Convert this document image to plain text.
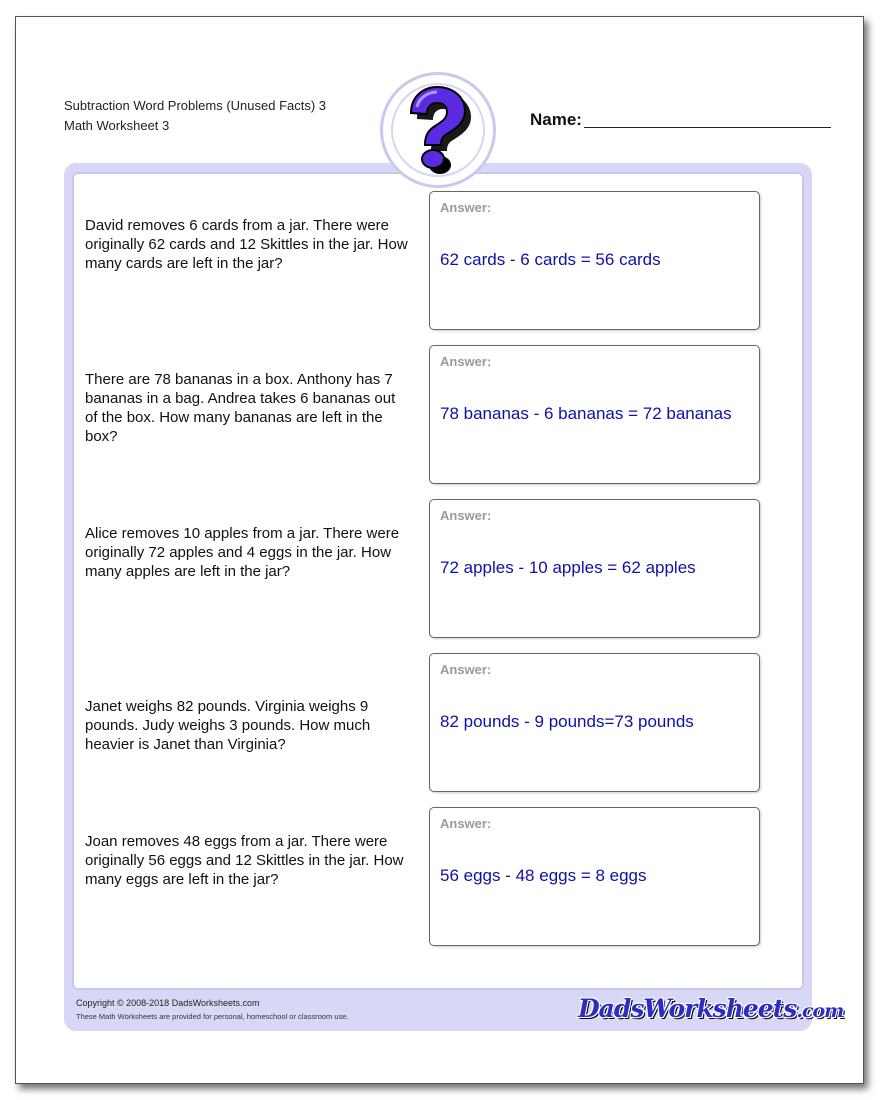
Subtraction Word Problems (Unused Facts) 3
Math Worksheet 3	Name:
David removes 6 cards from a jar. There were originally 62 cards and 12 Skittles in the jar. How many cards are left in the jar?
Answer:
62 cards - 6 cards = 56 cards
There are 78 bananas in a box. Anthony has 7 bananas in a bag. Andrea takes 6 bananas out of the box. How many bananas are left in the box?
Answer:
78 bananas - 6 bananas = 72 bananas
Alice removes 10 apples from a jar. There were originally 72 apples and 4 eggs in the jar. How many apples are left in the jar?
Answer:
72 apples - 10 apples = 62 apples
Janet weighs 82 pounds. Virginia weighs 9 pounds. Judy weighs 3 pounds. How much heavier is Janet than Virginia?
Answer:
82 pounds - 9 pounds=73 pounds
Joan removes 48 eggs from a jar. There were originally 56 eggs and 12 Skittles in the jar. How many eggs are left in the jar?
Answer:
56 eggs - 48 eggs = 8 eggs
Copyright © 2008-2018 DadsWorksheets.com
These Math Worksheets are provided for personal, homeschool or classroom use.	DadsWorksheets.com
